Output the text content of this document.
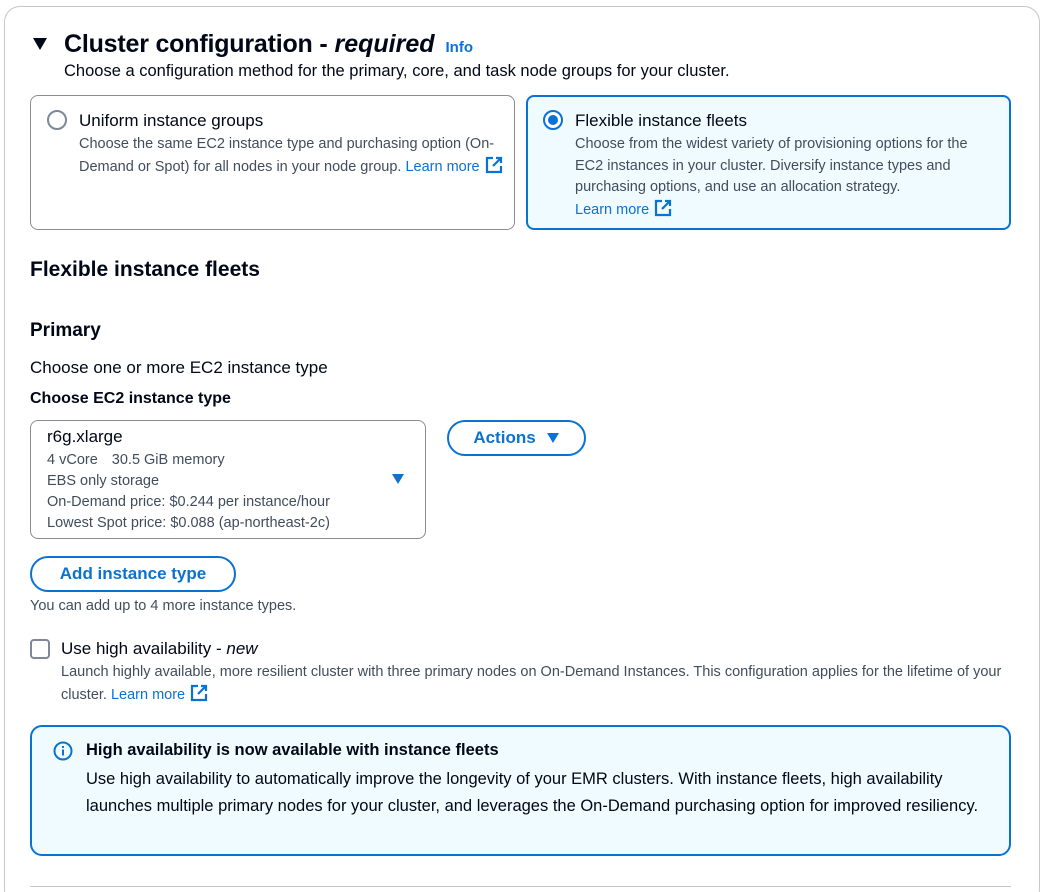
Cluster configuration - required Info
Choose a configuration method for the primary, core, and task node groups for your cluster.
Uniform instance groups
Choose the same EC2 instance type and purchasing option (On-Demand or Spot) for all nodes in your node group. Learn more
Flexible instance fleets
Choose from the widest variety of provisioning options for the EC2 instances in your cluster. Diversify instance types and purchasing options, and use an allocation strategy. Learn more
Flexible instance fleets
Primary
Choose one or more EC2 instance type
Choose EC2 instance type
r6g.xlarge
4 vCore 30.5 GiB memory
EBS only storage
On-Demand price: $0.244 per instance/hour
Lowest Spot price: $0.088 (ap-northeast-2c)
Actions
Add instance type
You can add up to 4 more instance types.
Use high availability - new
Launch highly available, more resilient cluster with three primary nodes on On-Demand Instances. This configuration applies for the lifetime of your cluster. Learn more
High availability is now available with instance fleets
Use high availability to automatically improve the longevity of your EMR clusters. With instance fleets, high availability launches multiple primary nodes for your cluster, and leverages the On-Demand purchasing option for improved resiliency.
